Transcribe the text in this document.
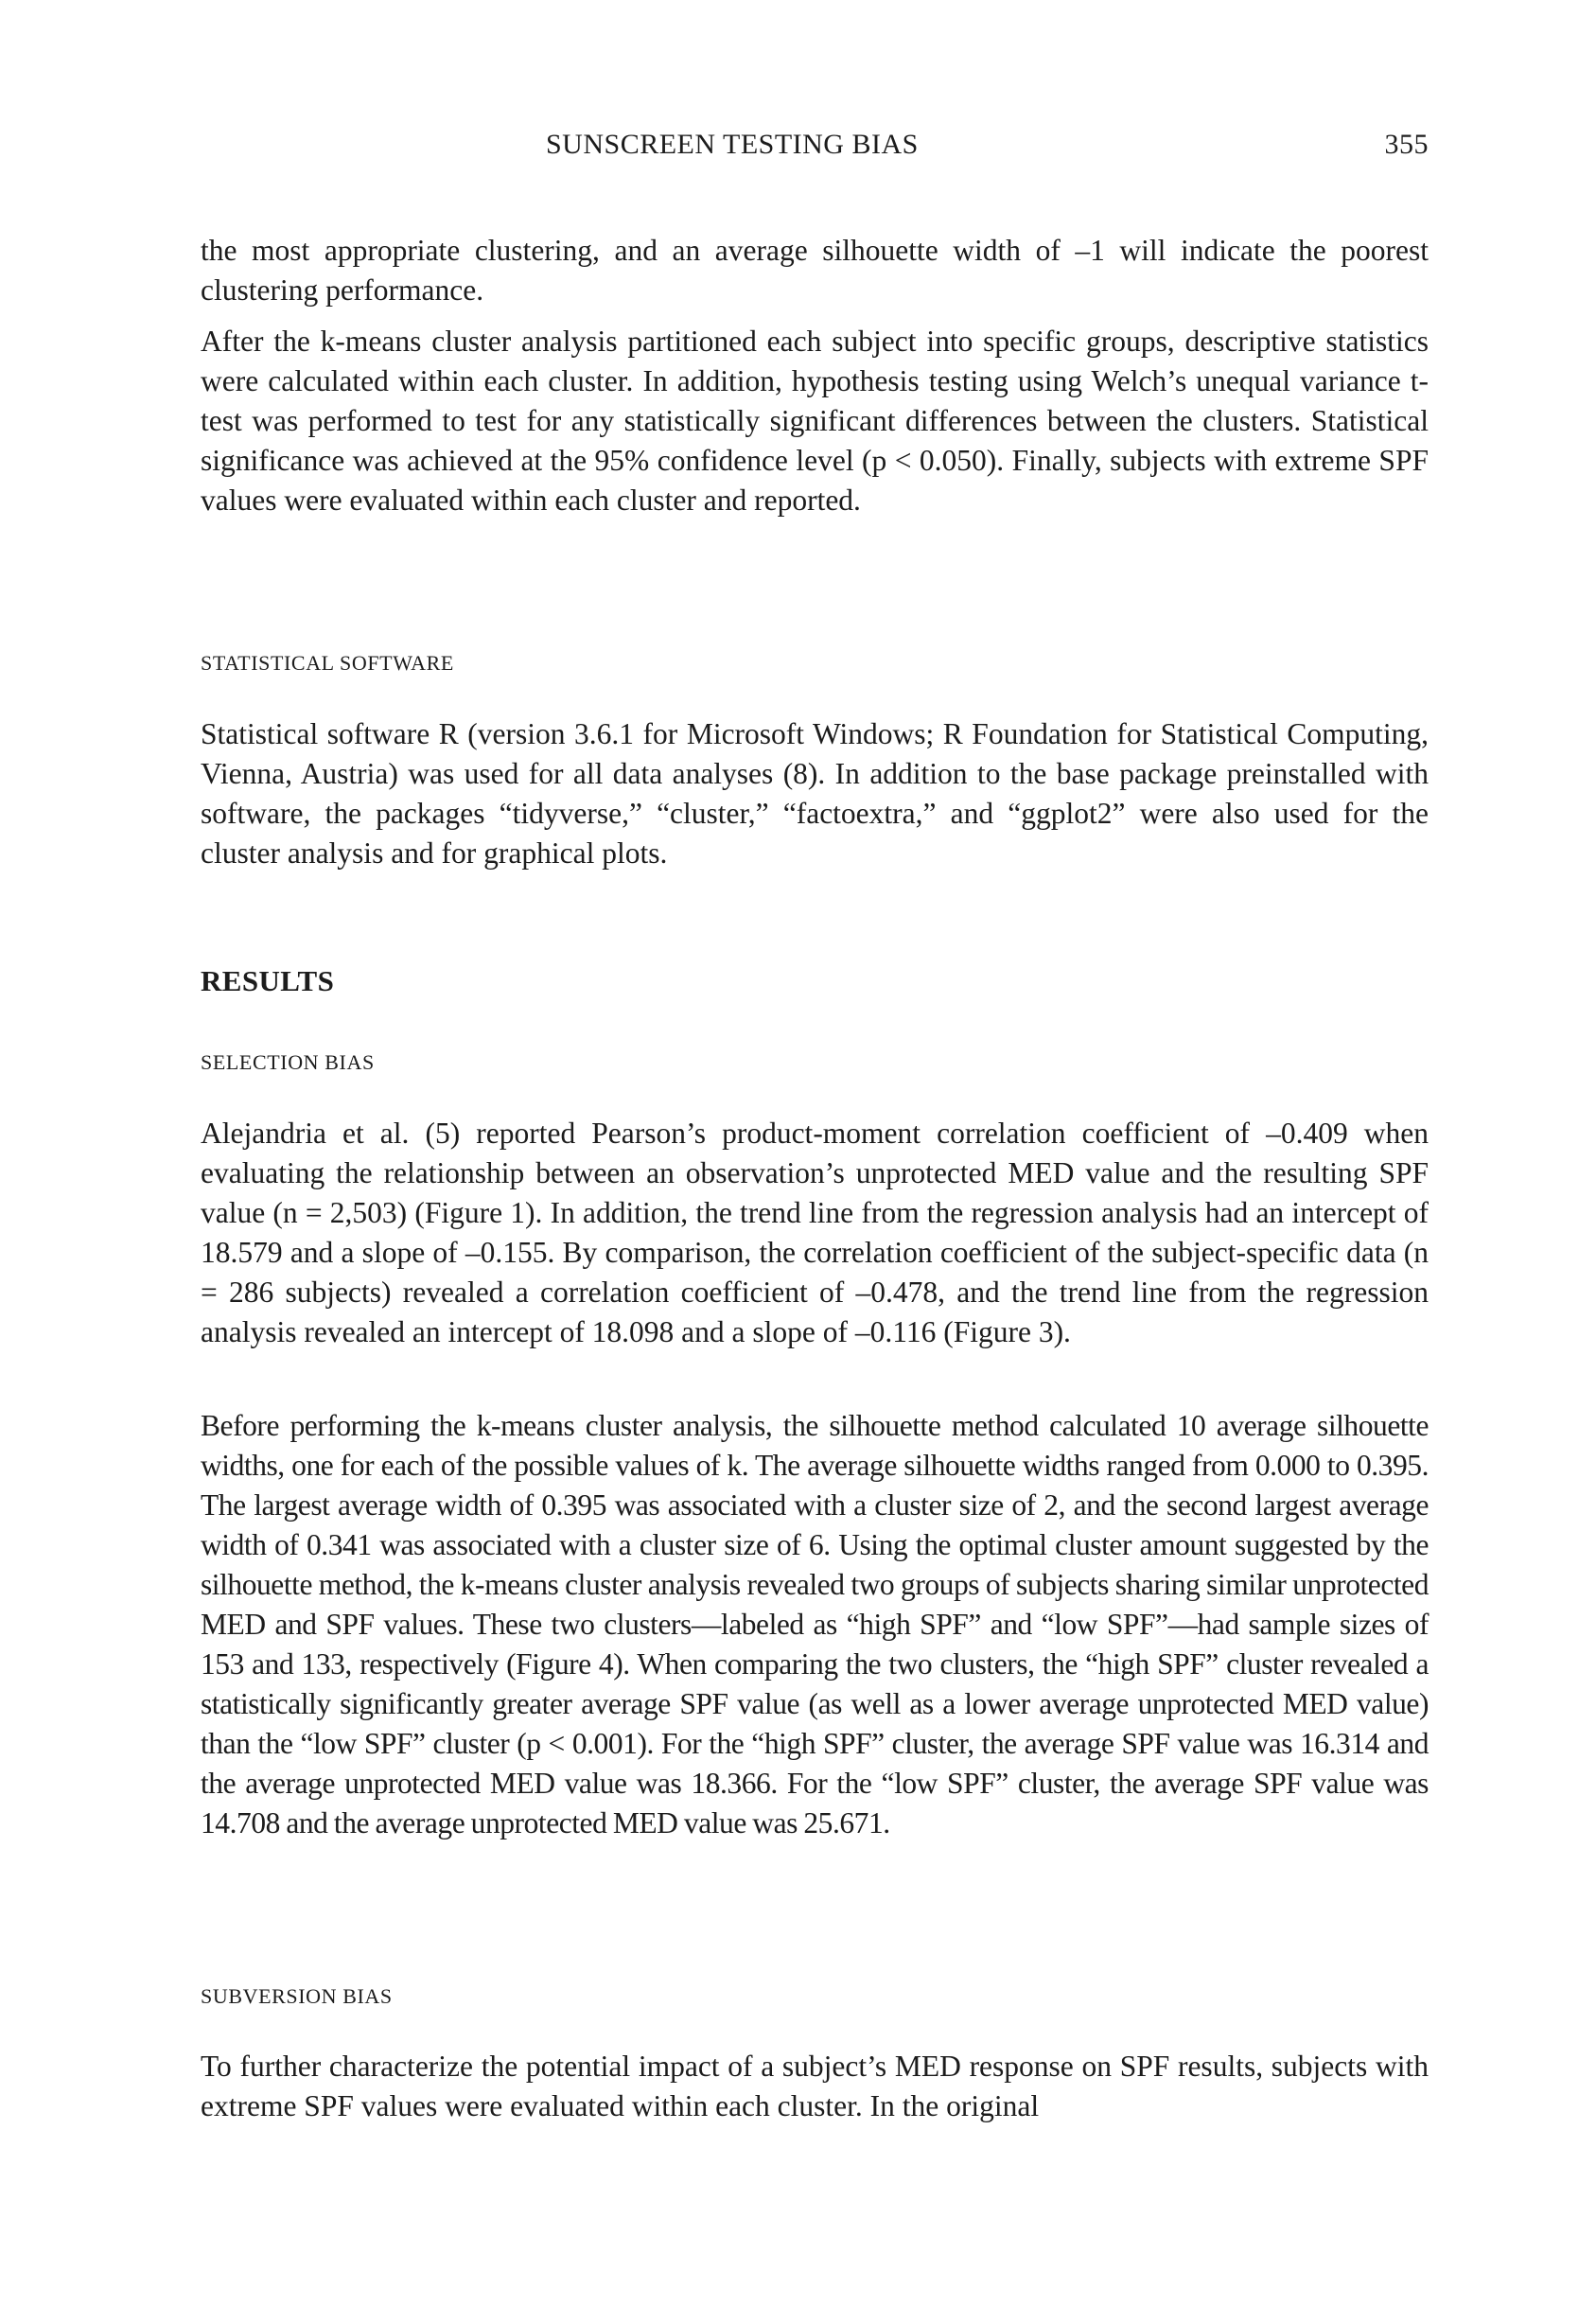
SUNSCREEN TESTING BIAS	355

the most appropriate clustering, and an average silhouette width of –1 will indicate the poorest clustering performance.

After the k-means cluster analysis partitioned each subject into specific groups, descriptive statistics were calculated within each cluster. In addition, hypothesis testing using Welch’s unequal variance t-test was performed to test for any statistically significant differences between the clusters. Statistical significance was achieved at the 95% confidence level (p < 0.050). Finally, subjects with extreme SPF values were evaluated within each cluster and reported.

STATISTICAL SOFTWARE

Statistical software R (version 3.6.1 for Microsoft Windows; R Foundation for Statistical Computing, Vienna, Austria) was used for all data analyses (8). In addition to the base package preinstalled with software, the packages “tidyverse,” “cluster,” “factoextra,” and “ggplot2” were also used for the cluster analysis and for graphical plots.

RESULTS
SELECTION BIAS

Alejandria et al. (5) reported Pearson’s product-moment correlation coefficient of –0.409 when evaluating the relationship between an observation’s unprotected MED value and the resulting SPF value (n = 2,503) (Figure 1). In addition, the trend line from the regression analysis had an intercept of 18.579 and a slope of –0.155. By comparison, the correlation coefficient of the subject-specific data (n = 286 subjects) revealed a correlation coefficient of –0.478, and the trend line from the regression analysis revealed an intercept of 18.098 and a slope of –0.116 (Figure 3).

Before performing the k-means cluster analysis, the silhouette method calculated 10 average silhouette widths, one for each of the possible values of k. The average silhouette widths ranged from 0.000 to 0.395. The largest average width of 0.395 was associated with a cluster size of 2, and the second largest average width of 0.341 was associated with a cluster size of 6. Using the optimal cluster amount suggested by the silhouette method, the k-means cluster analysis revealed two groups of subjects sharing similar unprotected MED and SPF values. These two clusters—labeled as “high SPF” and “low SPF”—had sample sizes of 153 and 133, respectively (Figure 4). When comparing the two clusters, the “high SPF” cluster revealed a statistically significantly greater average SPF value (as well as a lower average unprotected MED value) than the “low SPF” cluster (p < 0.001). For the “high SPF” cluster, the average SPF value was 16.314 and the average unprotected MED value was 18.366. For the “low SPF” cluster, the average SPF value was 14.708 and the average unprotected MED value was 25.671.

SUBVERSION BIAS

To further characterize the potential impact of a subject’s MED response on SPF results, subjects with extreme SPF values were evaluated within each cluster. In the original
